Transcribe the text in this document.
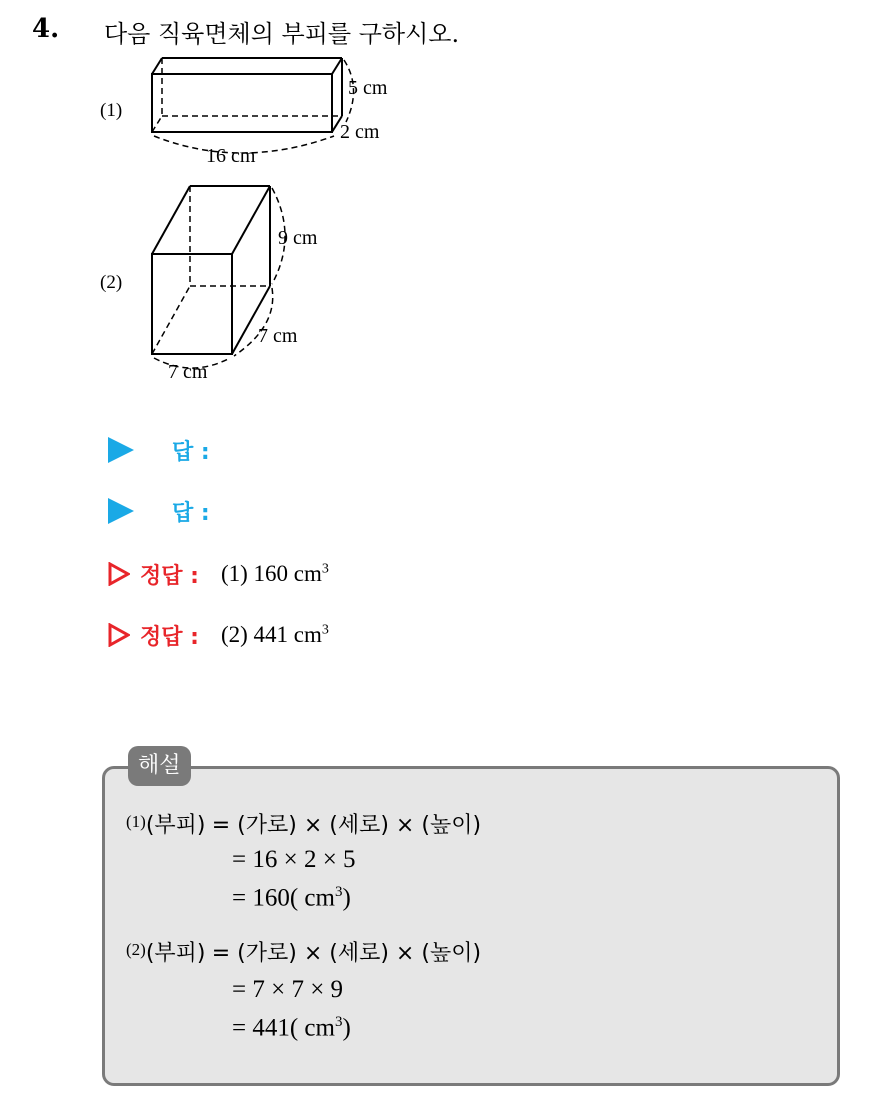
4. 다음 직육면체의 부피를 구하시오.
(1)
5 cm
2 cm
16 cm
(2)
9 cm
7 cm
7 cm
답 :
답 :
정답 : (1) 160 $cm^3$
정답 : (2) 441 $cm^3$
해설
$^{(1)}$(부피) = (가로) × (세로) × (높이)
= 16 × 2 × 5
= 160( $cm^3$)
$^{(2)}$(부피) = (가로) × (세로) × (높이)
= 7 × 7 × 9
= 441( $cm^3$)
